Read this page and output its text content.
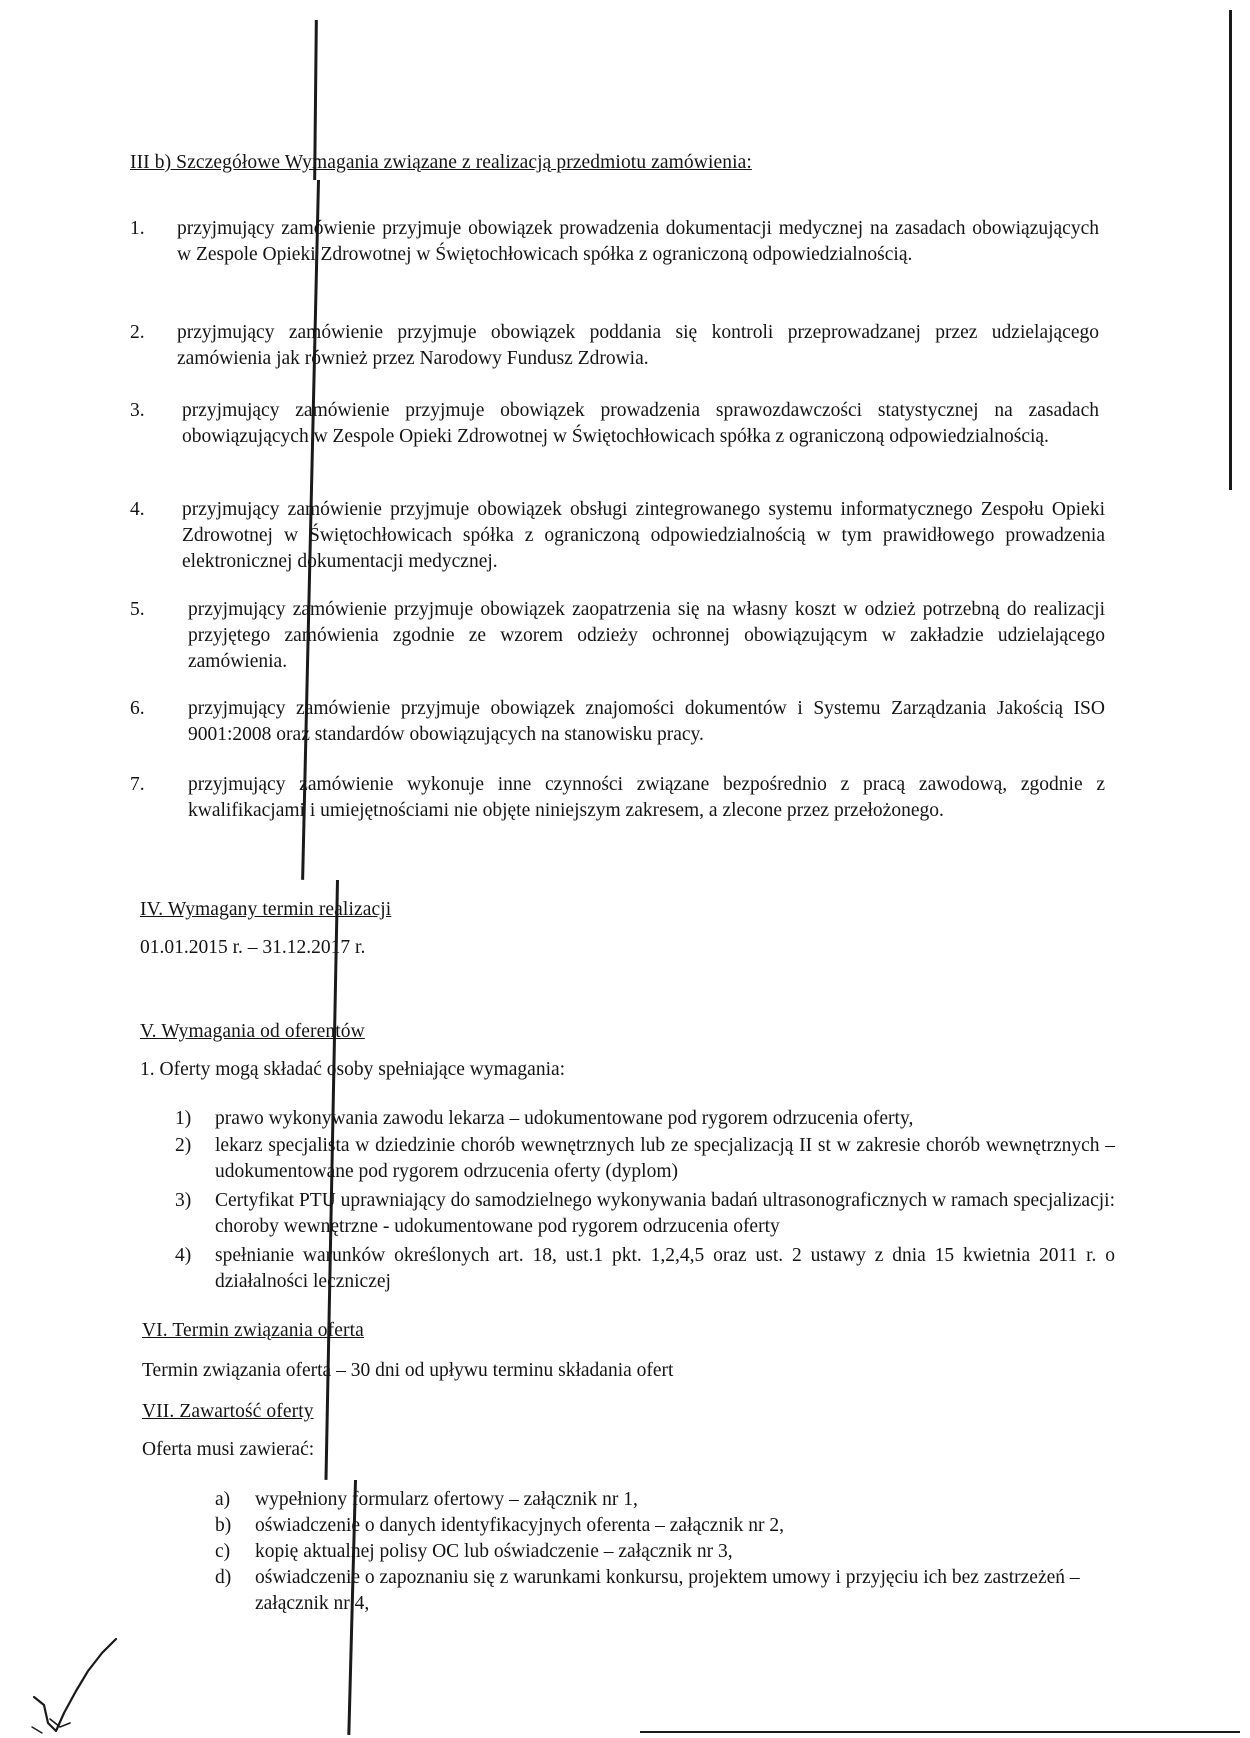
III b) Szczegółowe Wymagania związane z realizacją przedmiotu zamówienia:
1. przyjmujący zamówienie przyjmuje obowiązek prowadzenia dokumentacji medycznej na zasadach obowiązujących w Zespole Opieki Zdrowotnej w Świętochłowicach spółka z ograniczoną odpowiedzialnością.
2. przyjmujący zamówienie przyjmuje obowiązek poddania się kontroli przeprowadzanej przez udzielającego zamówienia jak również przez Narodowy Fundusz Zdrowia.
3. przyjmujący zamówienie przyjmuje obowiązek prowadzenia sprawozdawczości statystycznej na zasadach obowiązujących w Zespole Opieki Zdrowotnej w Świętochłowicach spółka z ograniczoną odpowiedzialnością.
4. przyjmujący zamówienie przyjmuje obowiązek obsługi zintegrowanego systemu informatycznego Zespołu Opieki Zdrowotnej w Świętochłowicach spółka z ograniczoną odpowiedzialnością w tym prawidłowego prowadzenia elektronicznej dokumentacji medycznej.
5. przyjmujący zamówienie przyjmuje obowiązek zaopatrzenia się na własny koszt w odzież potrzebną do realizacji przyjętego zamówienia zgodnie ze wzorem odzieży ochronnej obowiązującym w zakładzie udzielającego zamówienia.
6. przyjmujący zamówienie przyjmuje obowiązek znajomości dokumentów i Systemu Zarządzania Jakością ISO 9001:2008 oraz standardów obowiązujących na stanowisku pracy.
7. przyjmujący zamówienie wykonuje inne czynności związane bezpośrednio z pracą zawodową, zgodnie z kwalifikacjami i umiejętnościami nie objęte niniejszym zakresem, a zlecone przez przełożonego.
IV. Wymagany termin realizacji
01.01.2015 r. – 31.12.2017 r.
V. Wymagania od oferentów
1. Oferty mogą składać osoby spełniające wymagania:
1) prawo wykonywania zawodu lekarza – udokumentowane pod rygorem odrzucenia oferty,
2) lekarz specjalista w dziedzinie chorób wewnętrznych lub ze specjalizacją II st w zakresie chorób wewnętrznych – udokumentowane pod rygorem odrzucenia oferty (dyplom)
3) Certyfikat PTU uprawniający do samodzielnego wykonywania badań ultrasonograficznych w ramach specjalizacji: choroby wewnętrzne - udokumentowane pod rygorem odrzucenia oferty
4) spełnianie warunków określonych art. 18, ust.1 pkt. 1,2,4,5 oraz ust. 2 ustawy z dnia 15 kwietnia 2011 r. o działalności leczniczej
VI. Termin związania oferta
Termin związania oferta – 30 dni od upływu terminu składania ofert
VII. Zawartość oferty
Oferta musi zawierać:
a) wypełniony formularz ofertowy – załącznik nr 1,
b) oświadczenie o danych identyfikacyjnych oferenta – załącznik nr 2,
c) kopię aktualnej polisy OC lub oświadczenie – załącznik nr 3,
d) oświadczenie o zapoznaniu się z warunkami konkursu, projektem umowy i przyjęciu ich bez zastrzeżeń – załącznik nr 4,
